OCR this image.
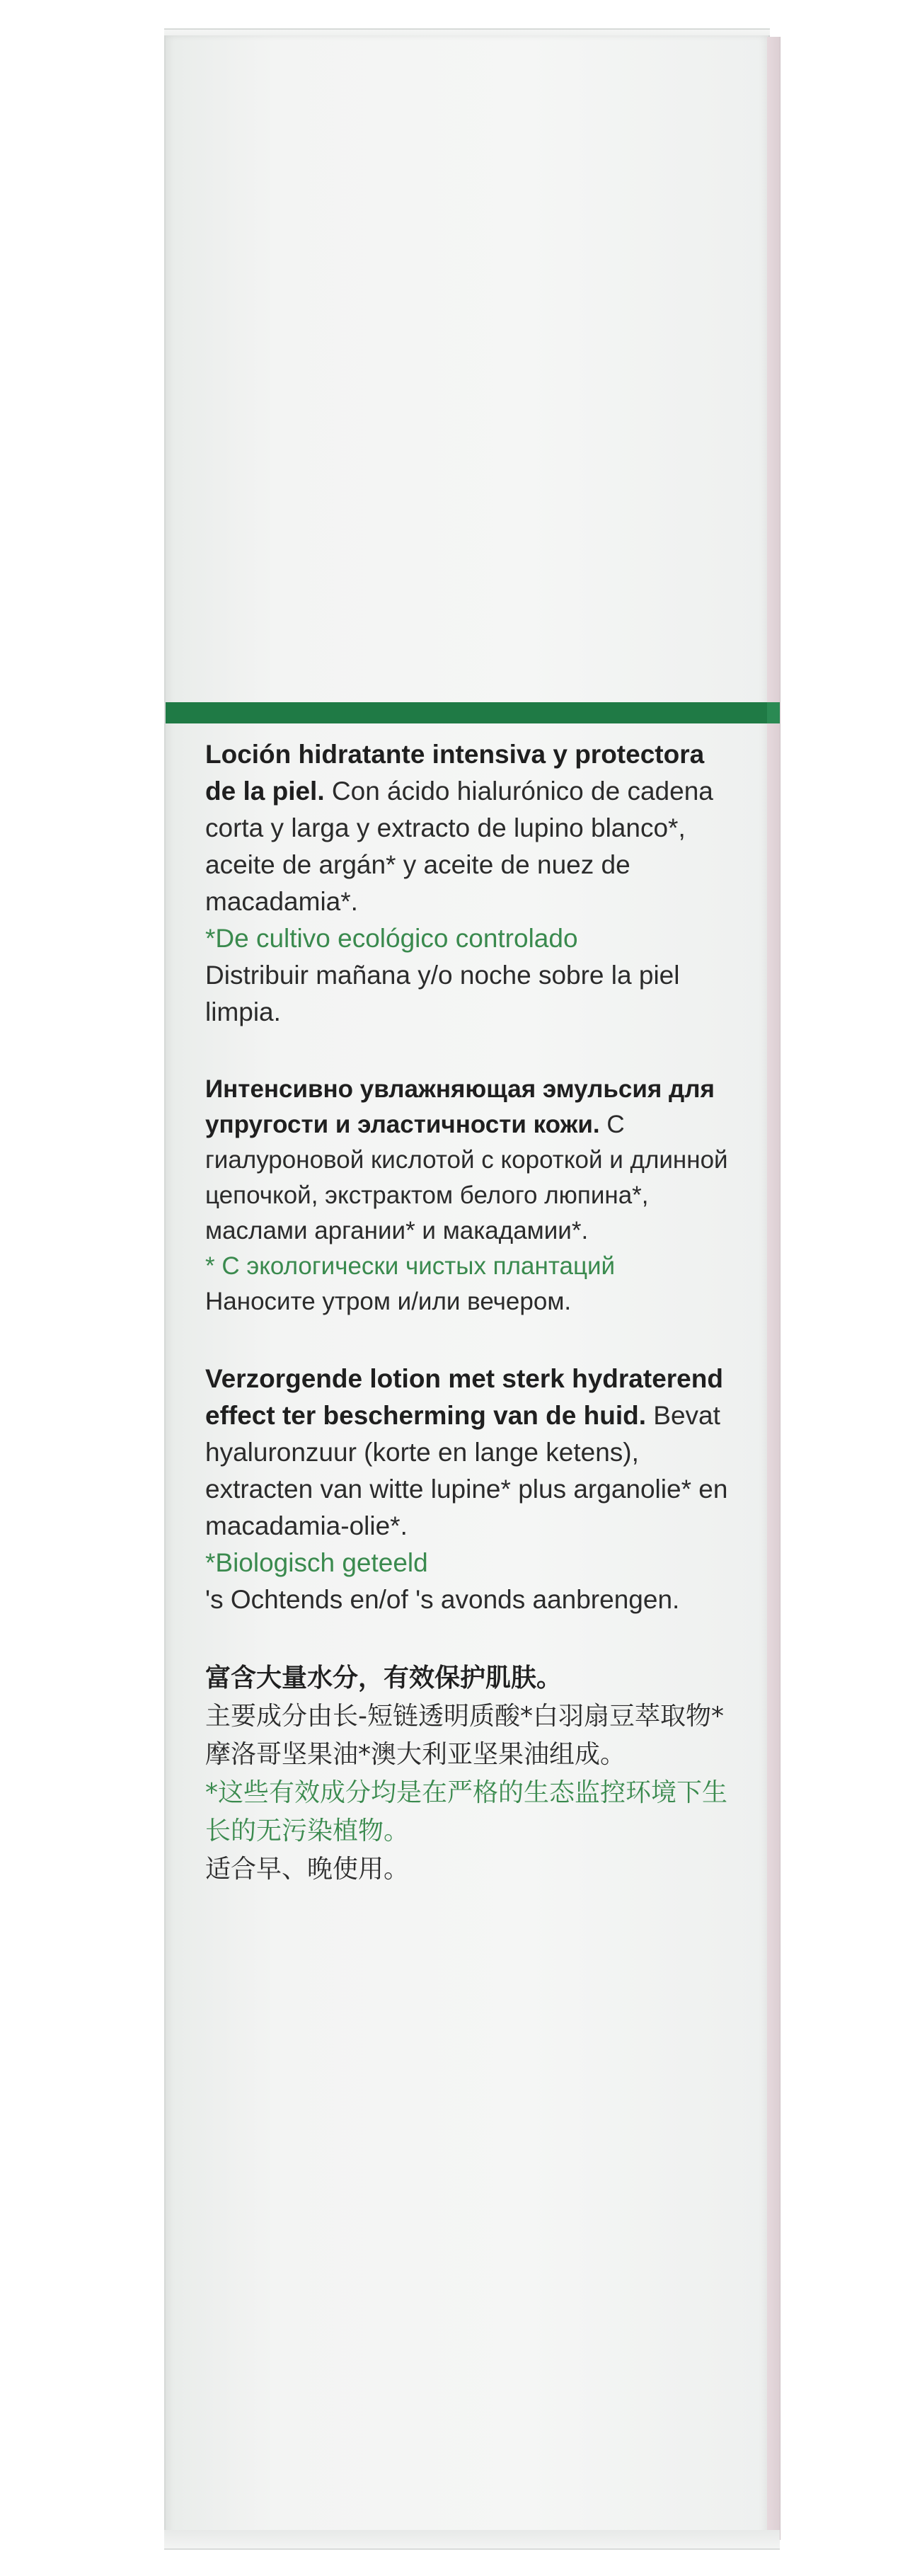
Loción hidratante intensiva y protectora de la piel. Con ácido hialurónico de cadena corta y larga y extracto de lupino blanco*, aceite de argán* y aceite de nuez de macadamia*.
*De cultivo ecológico controlado
Distribuir mañana y/o noche sobre la piel limpia.

Интенсивно увлажняющая эмульсия для упругости и эластичности кожи. С гиалуроновой кислотой с короткой и длинной цепочкой, экстрактом белого люпина*, маслами аргании* и макадамии*.
* С экологически чистых плантаций
Наносите утром и/или вечером.

Verzorgende lotion met sterk hydraterend effect ter bescherming van de huid. Bevat hyaluronzuur (korte en lange ketens), extracten van witte lupine* plus arganolie* en macadamia-olie*.
*Biologisch geteeld
's Ochtends en/of 's avonds aanbrengen.

富含大量水分，有效保护肌肤。
主要成分由长-短链透明质酸*白羽扇豆萃取物*摩洛哥坚果油*澳大利亚坚果油组成。
*这些有效成分均是在严格的生态监控环境下生长的无污染植物。
适合早、晚使用。
